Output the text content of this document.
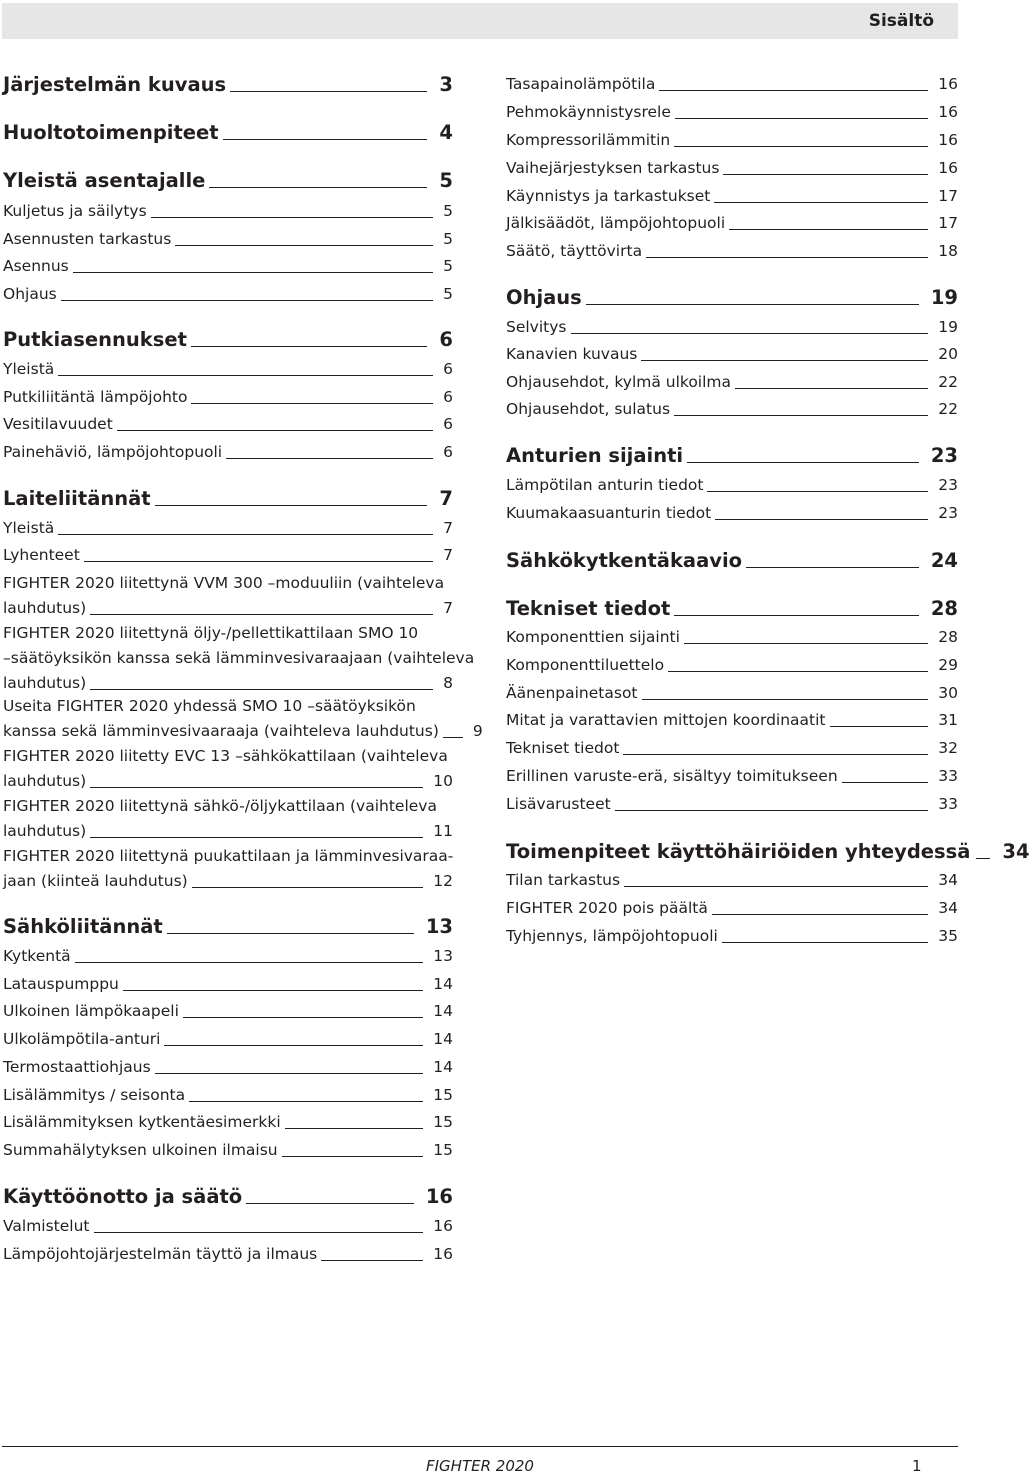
Sisältö
Järjestelmän kuvaus	3
Huoltotoimenpiteet	4
Yleistä asentajalle	5
Kuljetus ja säilytys	5
Asennusten tarkastus	5
Asennus	5
Ohjaus	5
Putkiasennukset	6
Yleistä	6
Putkiliitäntä lämpöjohto	6
Vesitilavuudet	6
Painehäviö, lämpöjohtopuoli	6
Laiteliitännät	7
Yleistä	7
Lyhenteet	7
FIGHTER 2020 liitettynä VVM 300 –moduuliin (vaihteleva
lauhdutus)	7
FIGHTER 2020 liitettynä öljy-/pellettikattilaan SMO 10
–säätöyksikön kanssa sekä lämminvesivaraajaan (vaihteleva
lauhdutus)	8
Useita FIGHTER 2020 yhdessä SMO 10 –säätöyksikön
kanssa sekä lämminvesivaaraaja (vaihteleva lauhdutus) 9
FIGHTER 2020 liitetty EVC 13 –sähkökattilaan (vaihteleva
lauhdutus)	10
FIGHTER 2020 liitettynä sähkö-/öljykattilaan (vaihteleva
lauhdutus)	11
FIGHTER 2020 liitettynä puukattilaan ja lämminvesivaraa-
jaan (kiinteä lauhdutus)	12
Sähköliitännät	13
Kytkentä	13
Latauspumppu	14
Ulkoinen lämpökaapeli	14
Ulkolämpötila-anturi	14
Termostaattiohjaus	14
Lisälämmitys / seisonta	15
Lisälämmityksen kytkentäesimerkki	15
Summahälytyksen ulkoinen ilmaisu	15
Käyttöönotto ja säätö	16
Valmistelut	16
Lämpöjohtojärjestelmän täyttö ja ilmaus	16
Tasapainolämpötila	16
Pehmokäynnistysrele	16
Kompressorilämmitin	16
Vaihejärjestyksen tarkastus	16
Käynnistys ja tarkastukset	17
Jälkisäädöt, lämpöjohtopuoli	17
Säätö, täyttövirta	18
Ohjaus	19
Selvitys	19
Kanavien kuvaus	20
Ohjausehdot, kylmä ulkoilma	22
Ohjausehdot, sulatus	22
Anturien sijainti	23
Lämpötilan anturin tiedot	23
Kuumakaasuanturin tiedot	23
Sähkökytkentäkaavio	24
Tekniset tiedot	28
Komponenttien sijainti	28
Komponenttiluettelo	29
Äänenpainetasot	30
Mitat ja varattavien mittojen koordinaatit	31
Tekniset tiedot	32
Erillinen varuste-erä, sisältyy toimitukseen	33
Lisävarusteet	33
Toimenpiteet käyttöhäiriöiden yhteydessä 34
Tilan tarkastus	34
FIGHTER 2020 pois päältä	34
Tyhjennys, lämpöjohtopuoli	35
FIGHTER 2020	1
